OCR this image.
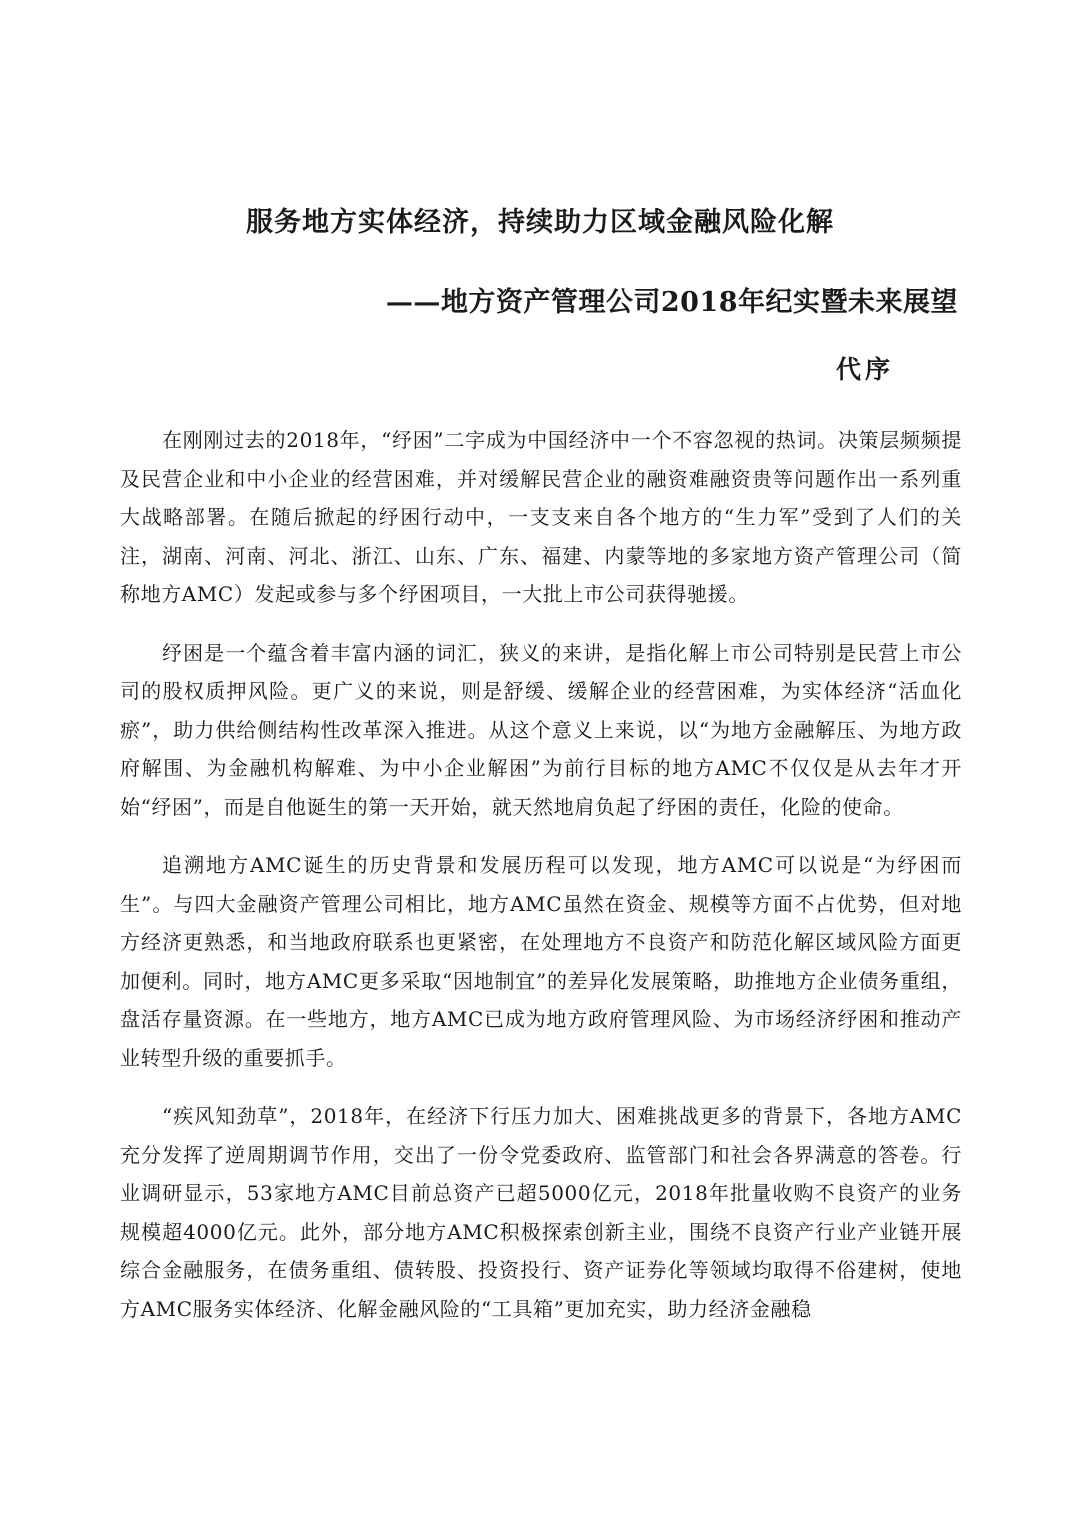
服务地方实体经济，持续助力区域金融风险化解
——地方资产管理公司2018年纪实暨未来展望
代序

在刚刚过去的2018年，“纾困”二字成为中国经济中一个不容忽视的热词。决策层频频提及民营企业和中小企业的经营困难，并对缓解民营企业的融资难融资贵等问题作出一系列重大战略部署。在随后掀起的纾困行动中，一支支来自各个地方的“生力军”受到了人们的关注，湖南、河南、河北、浙江、山东、广东、福建、内蒙等地的多家地方资产管理公司（简称地方AMC）发起或参与多个纾困项目，一大批上市公司获得驰援。

纾困是一个蕴含着丰富内涵的词汇，狭义的来讲，是指化解上市公司特别是民营上市公司的股权质押风险。更广义的来说，则是舒缓、缓解企业的经营困难，为实体经济“活血化瘀”，助力供给侧结构性改革深入推进。从这个意义上来说，以“为地方金融解压、为地方政府解围、为金融机构解难、为中小企业解困”为前行目标的地方AMC不仅仅是从去年才开始“纾困”，而是自他诞生的第一天开始，就天然地肩负起了纾困的责任，化险的使命。

追溯地方AMC诞生的历史背景和发展历程可以发现，地方AMC可以说是“为纾困而生”。与四大金融资产管理公司相比，地方AMC虽然在资金、规模等方面不占优势，但对地方经济更熟悉，和当地政府联系也更紧密，在处理地方不良资产和防范化解区域风险方面更加便利。同时，地方AMC更多采取“因地制宜”的差异化发展策略，助推地方企业债务重组，盘活存量资源。在一些地方，地方AMC已成为地方政府管理风险、为市场经济纾困和推动产业转型升级的重要抓手。

“疾风知劲草”，2018年，在经济下行压力加大、困难挑战更多的背景下，各地方AMC充分发挥了逆周期调节作用，交出了一份令党委政府、监管部门和社会各界满意的答卷。行业调研显示，53家地方AMC目前总资产已超5000亿元，2018年批量收购不良资产的业务规模超4000亿元。此外，部分地方AMC积极探索创新主业，围绕不良资产行业产业链开展综合金融服务，在债务重组、债转股、投资投行、资产证券化等领域均取得不俗建树，使地方AMC服务实体经济、化解金融风险的“工具箱”更加充实，助力经济金融稳
